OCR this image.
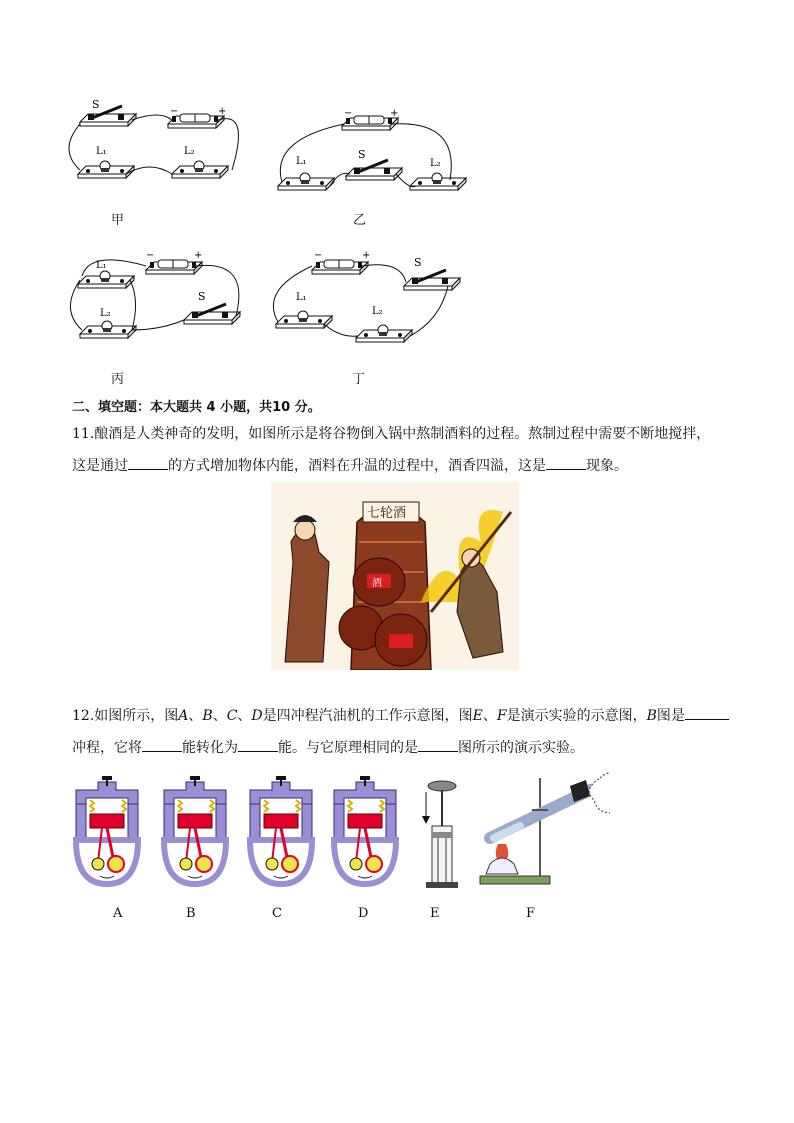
S
L₁	L₂
−	+
L₁
S
L₂
−	+
L₁
L₂
S
−	+
L₁
L₂
S
−	+
甲	乙
丙	丁
二、填空题：本大题共 4 小题，共10 分。
11.酿酒是人类神奇的发明，如图所示是将谷物倒入锅中熬制酒料的过程。熬制过程中需要不断地搅拌，
这是通过	的方式增加物体内能，酒料在升温的过程中，酒香四溢，这是	现象。
七轮酒
酒
12.如图所示，图A、B、C、D是四冲程汽油机的工作示意图，图E、F是演示实验的示意图，B图是
冲程，它将	能转化为	能。与它原理相同的是	图所示的演示实验。
A	B	C	D	E	F
